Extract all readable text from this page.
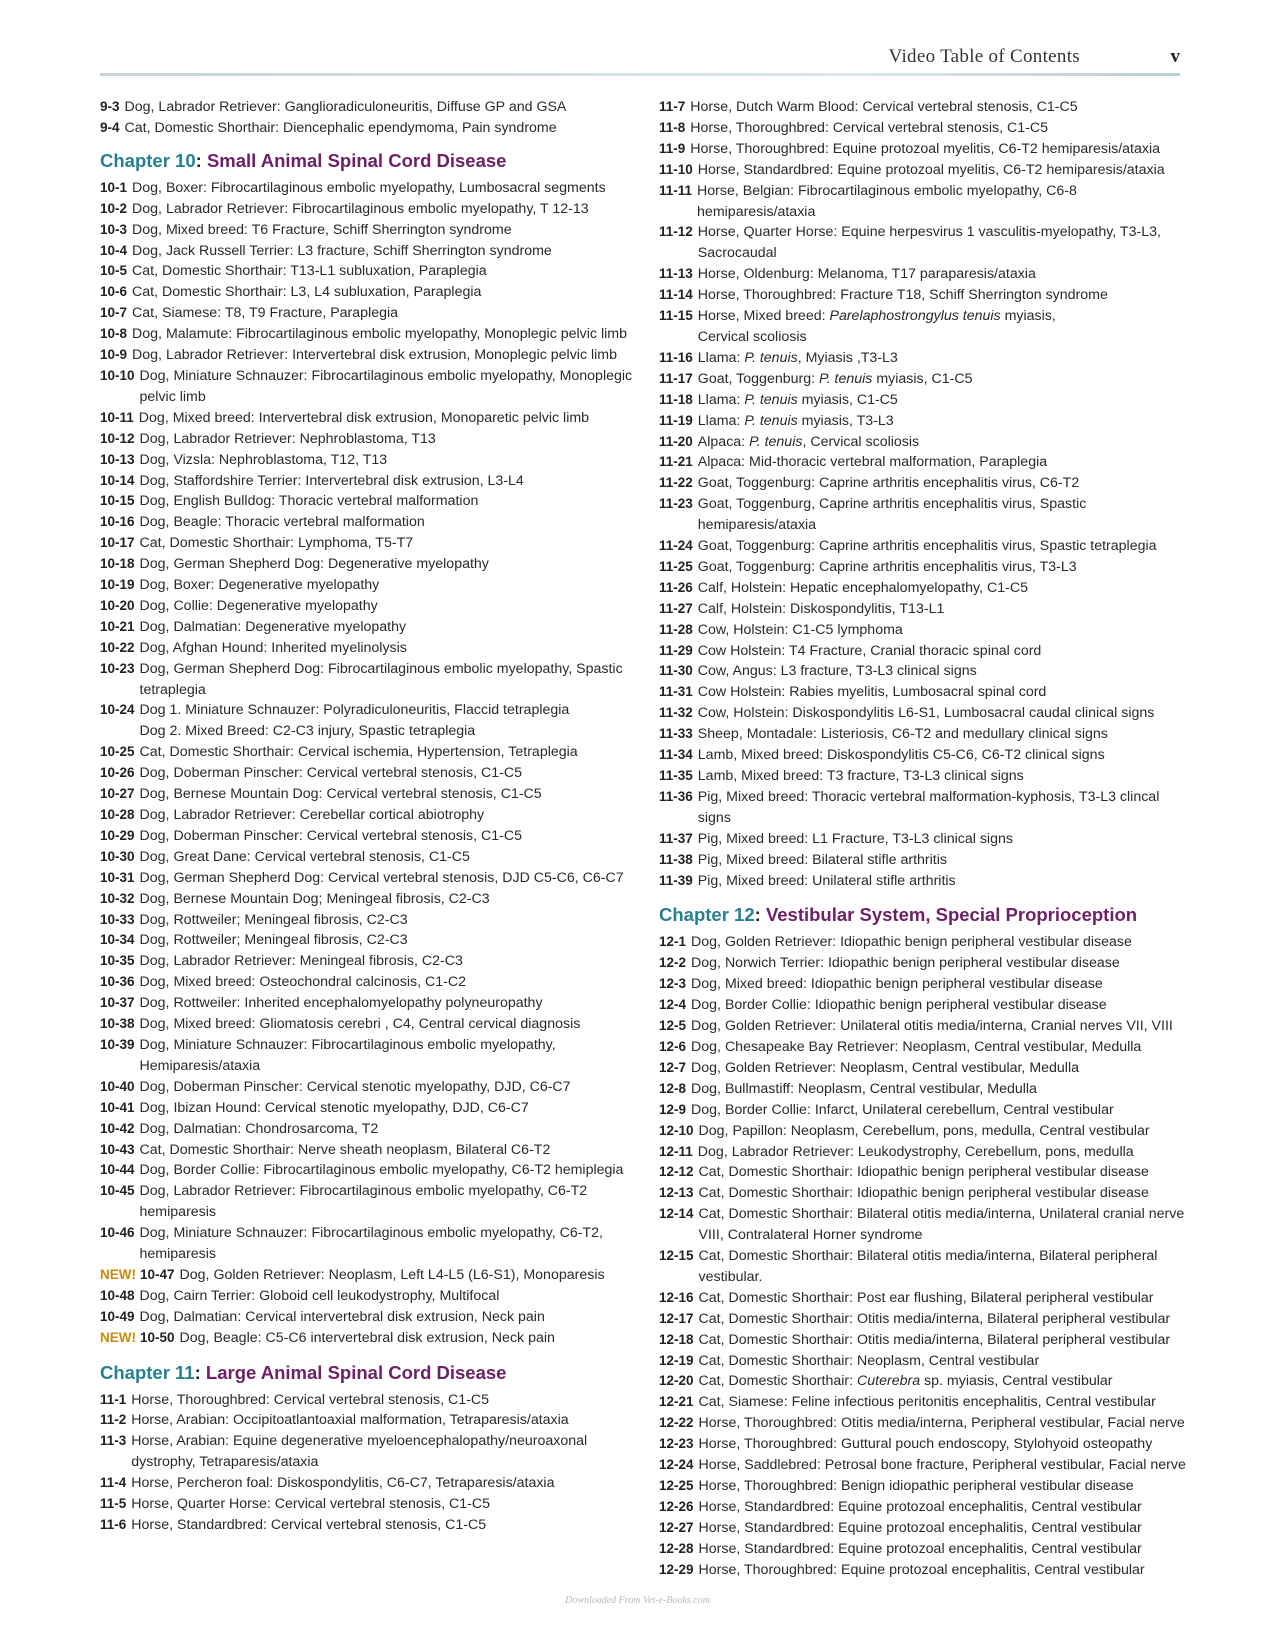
Video Table of Contents	v
9-3 Dog, Labrador Retriever: Ganglioradiculoneuritis, Diffuse GP and GSA
9-4 Cat, Domestic Shorthair: Diencephalic ependymoma, Pain syndrome
Chapter 10: Small Animal Spinal Cord Disease
10-1 Dog, Boxer: Fibrocartilaginous embolic myelopathy, Lumbosacral segments
10-2 Dog, Labrador Retriever: Fibrocartilaginous embolic myelopathy, T 12-13
10-3 Dog, Mixed breed: T6 Fracture, Schiff Sherrington syndrome
10-4 Dog, Jack Russell Terrier: L3 fracture, Schiff Sherrington syndrome
10-5 Cat, Domestic Shorthair: T13-L1 subluxation, Paraplegia
10-6 Cat, Domestic Shorthair: L3, L4 subluxation, Paraplegia
10-7 Cat, Siamese: T8, T9 Fracture, Paraplegia
10-8 Dog, Malamute: Fibrocartilaginous embolic myelopathy, Monoplegic pelvic limb
10-9 Dog, Labrador Retriever: Intervertebral disk extrusion, Monoplegic pelvic limb
10-10 Dog, Miniature Schnauzer: Fibrocartilaginous embolic myelopathy, Monoplegic pelvic limb
10-11 Dog, Mixed breed: Intervertebral disk extrusion, Monoparetic pelvic limb
10-12 Dog, Labrador Retriever: Nephroblastoma, T13
10-13 Dog, Vizsla: Nephroblastoma, T12, T13
10-14 Dog, Staffordshire Terrier: Intervertebral disk extrusion, L3-L4
10-15 Dog, English Bulldog: Thoracic vertebral malformation
10-16 Dog, Beagle: Thoracic vertebral malformation
10-17 Cat, Domestic Shorthair: Lymphoma, T5-T7
10-18 Dog, German Shepherd Dog: Degenerative myelopathy
10-19 Dog, Boxer: Degenerative myelopathy
10-20 Dog, Collie: Degenerative myelopathy
10-21 Dog, Dalmatian: Degenerative myelopathy
10-22 Dog, Afghan Hound: Inherited myelinolysis
10-23 Dog, German Shepherd Dog: Fibrocartilaginous embolic myelopathy, Spastic tetraplegia
10-24 Dog 1. Miniature Schnauzer: Polyradiculoneuritis, Flaccid tetraplegia
Dog 2. Mixed Breed: C2-C3 injury, Spastic tetraplegia
10-25 Cat, Domestic Shorthair: Cervical ischemia, Hypertension, Tetraplegia
10-26 Dog, Doberman Pinscher: Cervical vertebral stenosis, C1-C5
10-27 Dog, Bernese Mountain Dog: Cervical vertebral stenosis, C1-C5
10-28 Dog, Labrador Retriever: Cerebellar cortical abiotrophy
10-29 Dog, Doberman Pinscher: Cervical vertebral stenosis, C1-C5
10-30 Dog, Great Dane: Cervical vertebral stenosis, C1-C5
10-31 Dog, German Shepherd Dog: Cervical vertebral stenosis, DJD C5-C6, C6-C7
10-32 Dog, Bernese Mountain Dog; Meningeal fibrosis, C2-C3
10-33 Dog, Rottweiler; Meningeal fibrosis, C2-C3
10-34 Dog, Rottweiler; Meningeal fibrosis, C2-C3
10-35 Dog, Labrador Retriever: Meningeal fibrosis, C2-C3
10-36 Dog, Mixed breed: Osteochondral calcinosis, C1-C2
10-37 Dog, Rottweiler: Inherited encephalomyelopathy polyneuropathy
10-38 Dog, Mixed breed: Gliomatosis cerebri , C4, Central cervical diagnosis
10-39 Dog, Miniature Schnauzer: Fibrocartilaginous embolic myelopathy, Hemiparesis/ataxia
10-40 Dog, Doberman Pinscher: Cervical stenotic myelopathy, DJD, C6-C7
10-41 Dog, Ibizan Hound: Cervical stenotic myelopathy, DJD, C6-C7
10-42 Dog, Dalmatian: Chondrosarcoma, T2
10-43 Cat, Domestic Shorthair: Nerve sheath neoplasm, Bilateral C6-T2
10-44 Dog, Border Collie: Fibrocartilaginous embolic myelopathy, C6-T2 hemiplegia
10-45 Dog, Labrador Retriever: Fibrocartilaginous embolic myelopathy, C6-T2 hemiparesis
10-46 Dog, Miniature Schnauzer: Fibrocartilaginous embolic myelopathy, C6-T2, hemiparesis
NEW! 10-47 Dog, Golden Retriever: Neoplasm, Left L4-L5 (L6-S1), Monoparesis
10-48 Dog, Cairn Terrier: Globoid cell leukodystrophy, Multifocal
10-49 Dog, Dalmatian: Cervical intervertebral disk extrusion, Neck pain
NEW! 10-50 Dog, Beagle: C5-C6 intervertebral disk extrusion, Neck pain
Chapter 11: Large Animal Spinal Cord Disease
11-1 Horse, Thoroughbred: Cervical vertebral stenosis, C1-C5
11-2 Horse, Arabian: Occipitoatlantoaxial malformation, Tetraparesis/ataxia
11-3 Horse, Arabian: Equine degenerative myeloencephalopathy/neuroaxonal dystrophy, Tetraparesis/ataxia
11-4 Horse, Percheron foal: Diskospondylitis, C6-C7, Tetraparesis/ataxia
11-5 Horse, Quarter Horse: Cervical vertebral stenosis, C1-C5
11-6 Horse, Standardbred: Cervical vertebral stenosis, C1-C5
11-7 Horse, Dutch Warm Blood: Cervical vertebral stenosis, C1-C5
11-8 Horse, Thoroughbred: Cervical vertebral stenosis, C1-C5
11-9 Horse, Thoroughbred: Equine protozoal myelitis, C6-T2 hemiparesis/ataxia
11-10 Horse, Standardbred: Equine protozoal myelitis, C6-T2 hemiparesis/ataxia
11-11 Horse, Belgian: Fibrocartilaginous embolic myelopathy, C6-8 hemiparesis/ataxia
11-12 Horse, Quarter Horse: Equine herpesvirus 1 vasculitis-myelopathy, T3-L3, Sacrocaudal
11-13 Horse, Oldenburg: Melanoma, T17 paraparesis/ataxia
11-14 Horse, Thoroughbred: Fracture T18, Schiff Sherrington syndrome
11-15 Horse, Mixed breed: Parelaphostrongylus tenuis myiasis,
Cervical scoliosis
11-16 Llama: P. tenuis, Myiasis ,T3-L3
11-17 Goat, Toggenburg: P. tenuis myiasis, C1-C5
11-18 Llama: P. tenuis myiasis, C1-C5
11-19 Llama: P. tenuis myiasis, T3-L3
11-20 Alpaca: P. tenuis, Cervical scoliosis
11-21 Alpaca: Mid-thoracic vertebral malformation, Paraplegia
11-22 Goat, Toggenburg: Caprine arthritis encephalitis virus, C6-T2
11-23 Goat, Toggenburg, Caprine arthritis encephalitis virus, Spastic hemiparesis/ataxia
11-24 Goat, Toggenburg: Caprine arthritis encephalitis virus, Spastic tetraplegia
11-25 Goat, Toggenburg: Caprine arthritis encephalitis virus, T3-L3
11-26 Calf, Holstein: Hepatic encephalomyelopathy, C1-C5
11-27 Calf, Holstein: Diskospondylitis, T13-L1
11-28 Cow, Holstein: C1-C5 lymphoma
11-29 Cow Holstein: T4 Fracture, Cranial thoracic spinal cord
11-30 Cow, Angus: L3 fracture, T3-L3 clinical signs
11-31 Cow Holstein: Rabies myelitis, Lumbosacral spinal cord
11-32 Cow, Holstein: Diskospondylitis L6-S1, Lumbosacral caudal clinical signs
11-33 Sheep, Montadale: Listeriosis, C6-T2 and medullary clinical signs
11-34 Lamb, Mixed breed: Diskospondylitis C5-C6, C6-T2 clinical signs
11-35 Lamb, Mixed breed: T3 fracture, T3-L3 clinical signs
11-36 Pig, Mixed breed: Thoracic vertebral malformation-kyphosis, T3-L3 clincal signs
11-37 Pig, Mixed breed: L1 Fracture, T3-L3 clinical signs
11-38 Pig, Mixed breed: Bilateral stifle arthritis
11-39 Pig, Mixed breed: Unilateral stifle arthritis
Chapter 12: Vestibular System, Special Proprioception
12-1 Dog, Golden Retriever: Idiopathic benign peripheral vestibular disease
12-2 Dog, Norwich Terrier: Idiopathic benign peripheral vestibular disease
12-3 Dog, Mixed breed: Idiopathic benign peripheral vestibular disease
12-4 Dog, Border Collie: Idiopathic benign peripheral vestibular disease
12-5 Dog, Golden Retriever: Unilateral otitis media/interna, Cranial nerves VII, VIII
12-6 Dog, Chesapeake Bay Retriever: Neoplasm, Central vestibular, Medulla
12-7 Dog, Golden Retriever: Neoplasm, Central vestibular, Medulla
12-8 Dog, Bullmastiff: Neoplasm, Central vestibular, Medulla
12-9 Dog, Border Collie: Infarct, Unilateral cerebellum, Central vestibular
12-10 Dog, Papillon: Neoplasm, Cerebellum, pons, medulla, Central vestibular
12-11 Dog, Labrador Retriever: Leukodystrophy, Cerebellum, pons, medulla
12-12 Cat, Domestic Shorthair: Idiopathic benign peripheral vestibular disease
12-13 Cat, Domestic Shorthair: Idiopathic benign peripheral vestibular disease
12-14 Cat, Domestic Shorthair: Bilateral otitis media/interna, Unilateral cranial nerve VIII, Contralateral Horner syndrome
12-15 Cat, Domestic Shorthair: Bilateral otitis media/interna, Bilateral peripheral vestibular.
12-16 Cat, Domestic Shorthair: Post ear flushing, Bilateral peripheral vestibular
12-17 Cat, Domestic Shorthair: Otitis media/interna, Bilateral peripheral vestibular
12-18 Cat, Domestic Shorthair: Otitis media/interna, Bilateral peripheral vestibular
12-19 Cat, Domestic Shorthair: Neoplasm, Central vestibular
12-20 Cat, Domestic Shorthair: Cuterebra sp. myiasis, Central vestibular
12-21 Cat, Siamese: Feline infectious peritonitis encephalitis, Central vestibular
12-22 Horse, Thoroughbred: Otitis media/interna, Peripheral vestibular, Facial nerve
12-23 Horse, Thoroughbred: Guttural pouch endoscopy, Stylohyoid osteopathy
12-24 Horse, Saddlebred: Petrosal bone fracture, Peripheral vestibular, Facial nerve
12-25 Horse, Thoroughbred: Benign idiopathic peripheral vestibular disease
12-26 Horse, Standardbred: Equine protozoal encephalitis, Central vestibular
12-27 Horse, Standardbred: Equine protozoal encephalitis, Central vestibular
12-28 Horse, Standardbred: Equine protozoal encephalitis, Central vestibular
12-29 Horse, Thoroughbred: Equine protozoal encephalitis, Central vestibular
Downloaded From Vet-e-Books.com
